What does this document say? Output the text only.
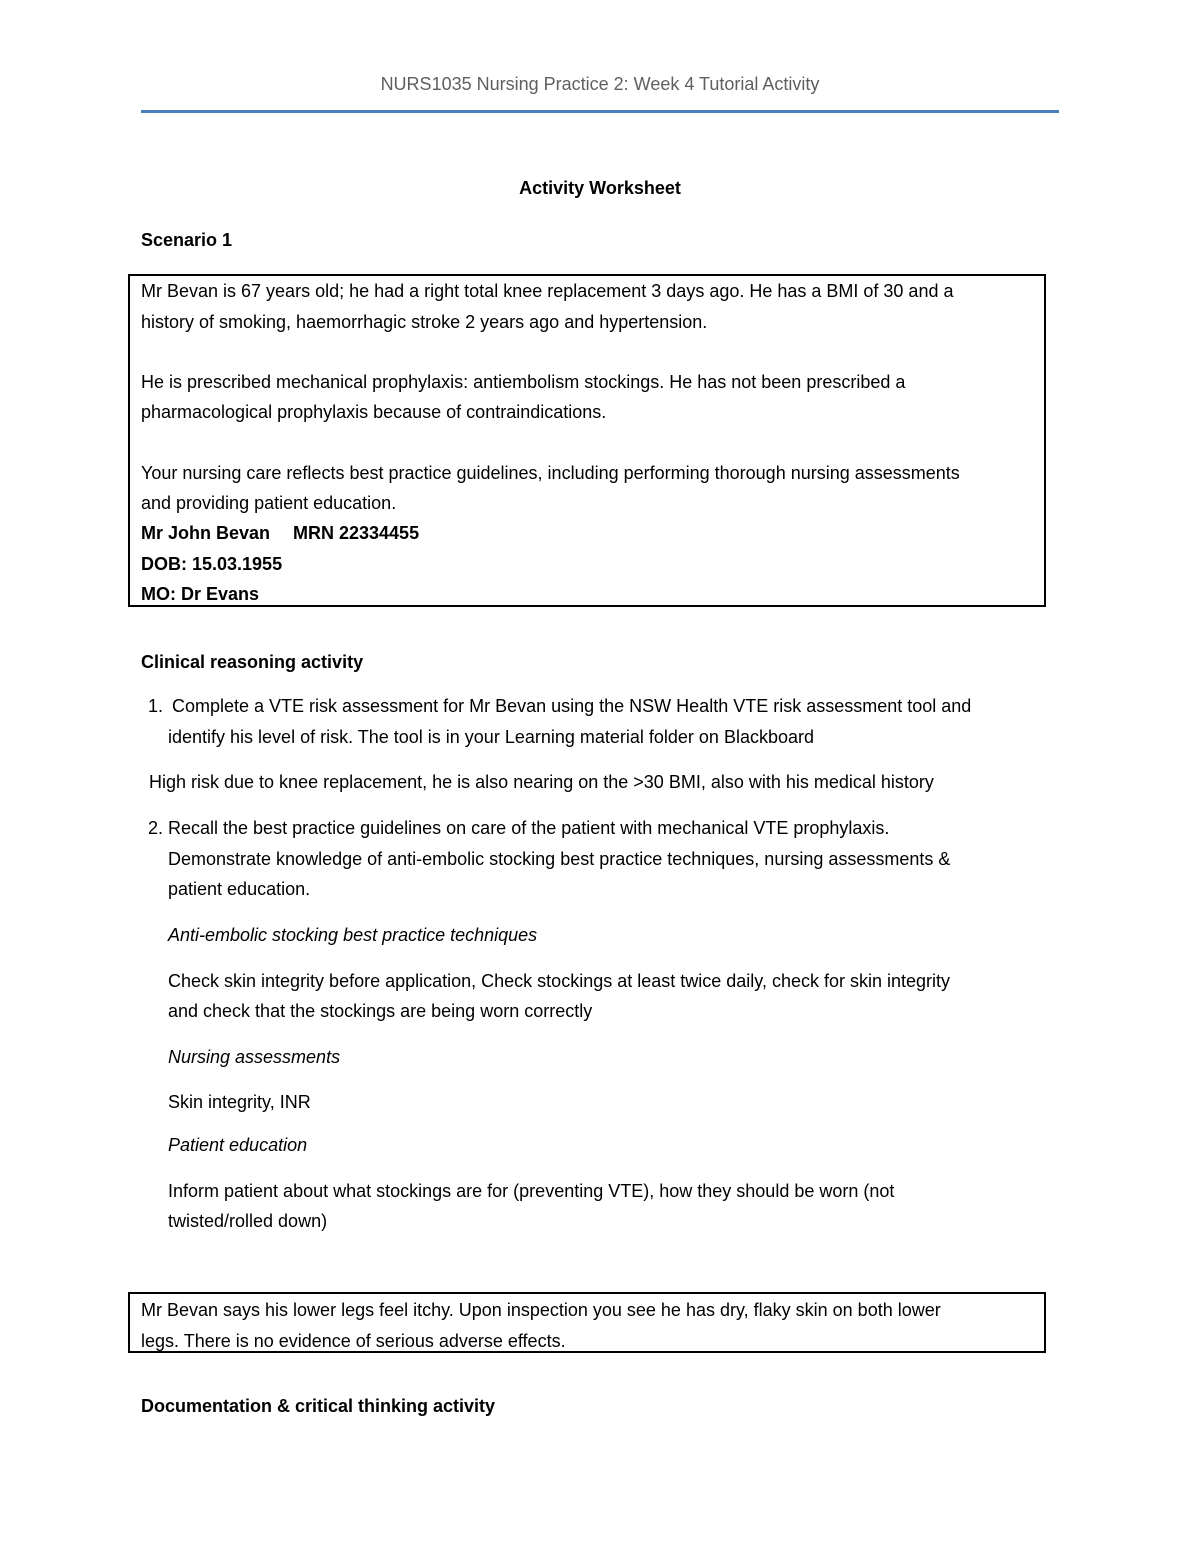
NURS1035 Nursing Practice 2: Week 4 Tutorial Activity
Activity Worksheet
Scenario 1
Mr Bevan is 67 years old; he had a right total knee replacement 3 days ago. He has a BMI of 30 and a
history of smoking, haemorrhagic stroke 2 years ago and hypertension.
He is prescribed mechanical prophylaxis: antiembolism stockings. He has not been prescribed a
pharmacological prophylaxis because of contraindications.
Your nursing care reflects best practice guidelines, including performing thorough nursing assessments
and providing patient education.
Mr John Bevan MRN 22334455
DOB: 15.03.1955
MO: Dr Evans
Clinical reasoning activity
1. Complete a VTE risk assessment for Mr Bevan using the NSW Health VTE risk assessment tool and
identify his level of risk. The tool is in your Learning material folder on Blackboard
High risk due to knee replacement, he is also nearing on the >30 BMI, also with his medical history
2. Recall the best practice guidelines on care of the patient with mechanical VTE prophylaxis.
Demonstrate knowledge of anti-embolic stocking best practice techniques, nursing assessments &
patient education.
Anti-embolic stocking best practice techniques
Check skin integrity before application, Check stockings at least twice daily, check for skin integrity
and check that the stockings are being worn correctly
Nursing assessments
Skin integrity, INR
Patient education
Inform patient about what stockings are for (preventing VTE), how they should be worn (not
twisted/rolled down)
Mr Bevan says his lower legs feel itchy. Upon inspection you see he has dry, flaky skin on both lower
legs. There is no evidence of serious adverse effects.
Documentation & critical thinking activity
